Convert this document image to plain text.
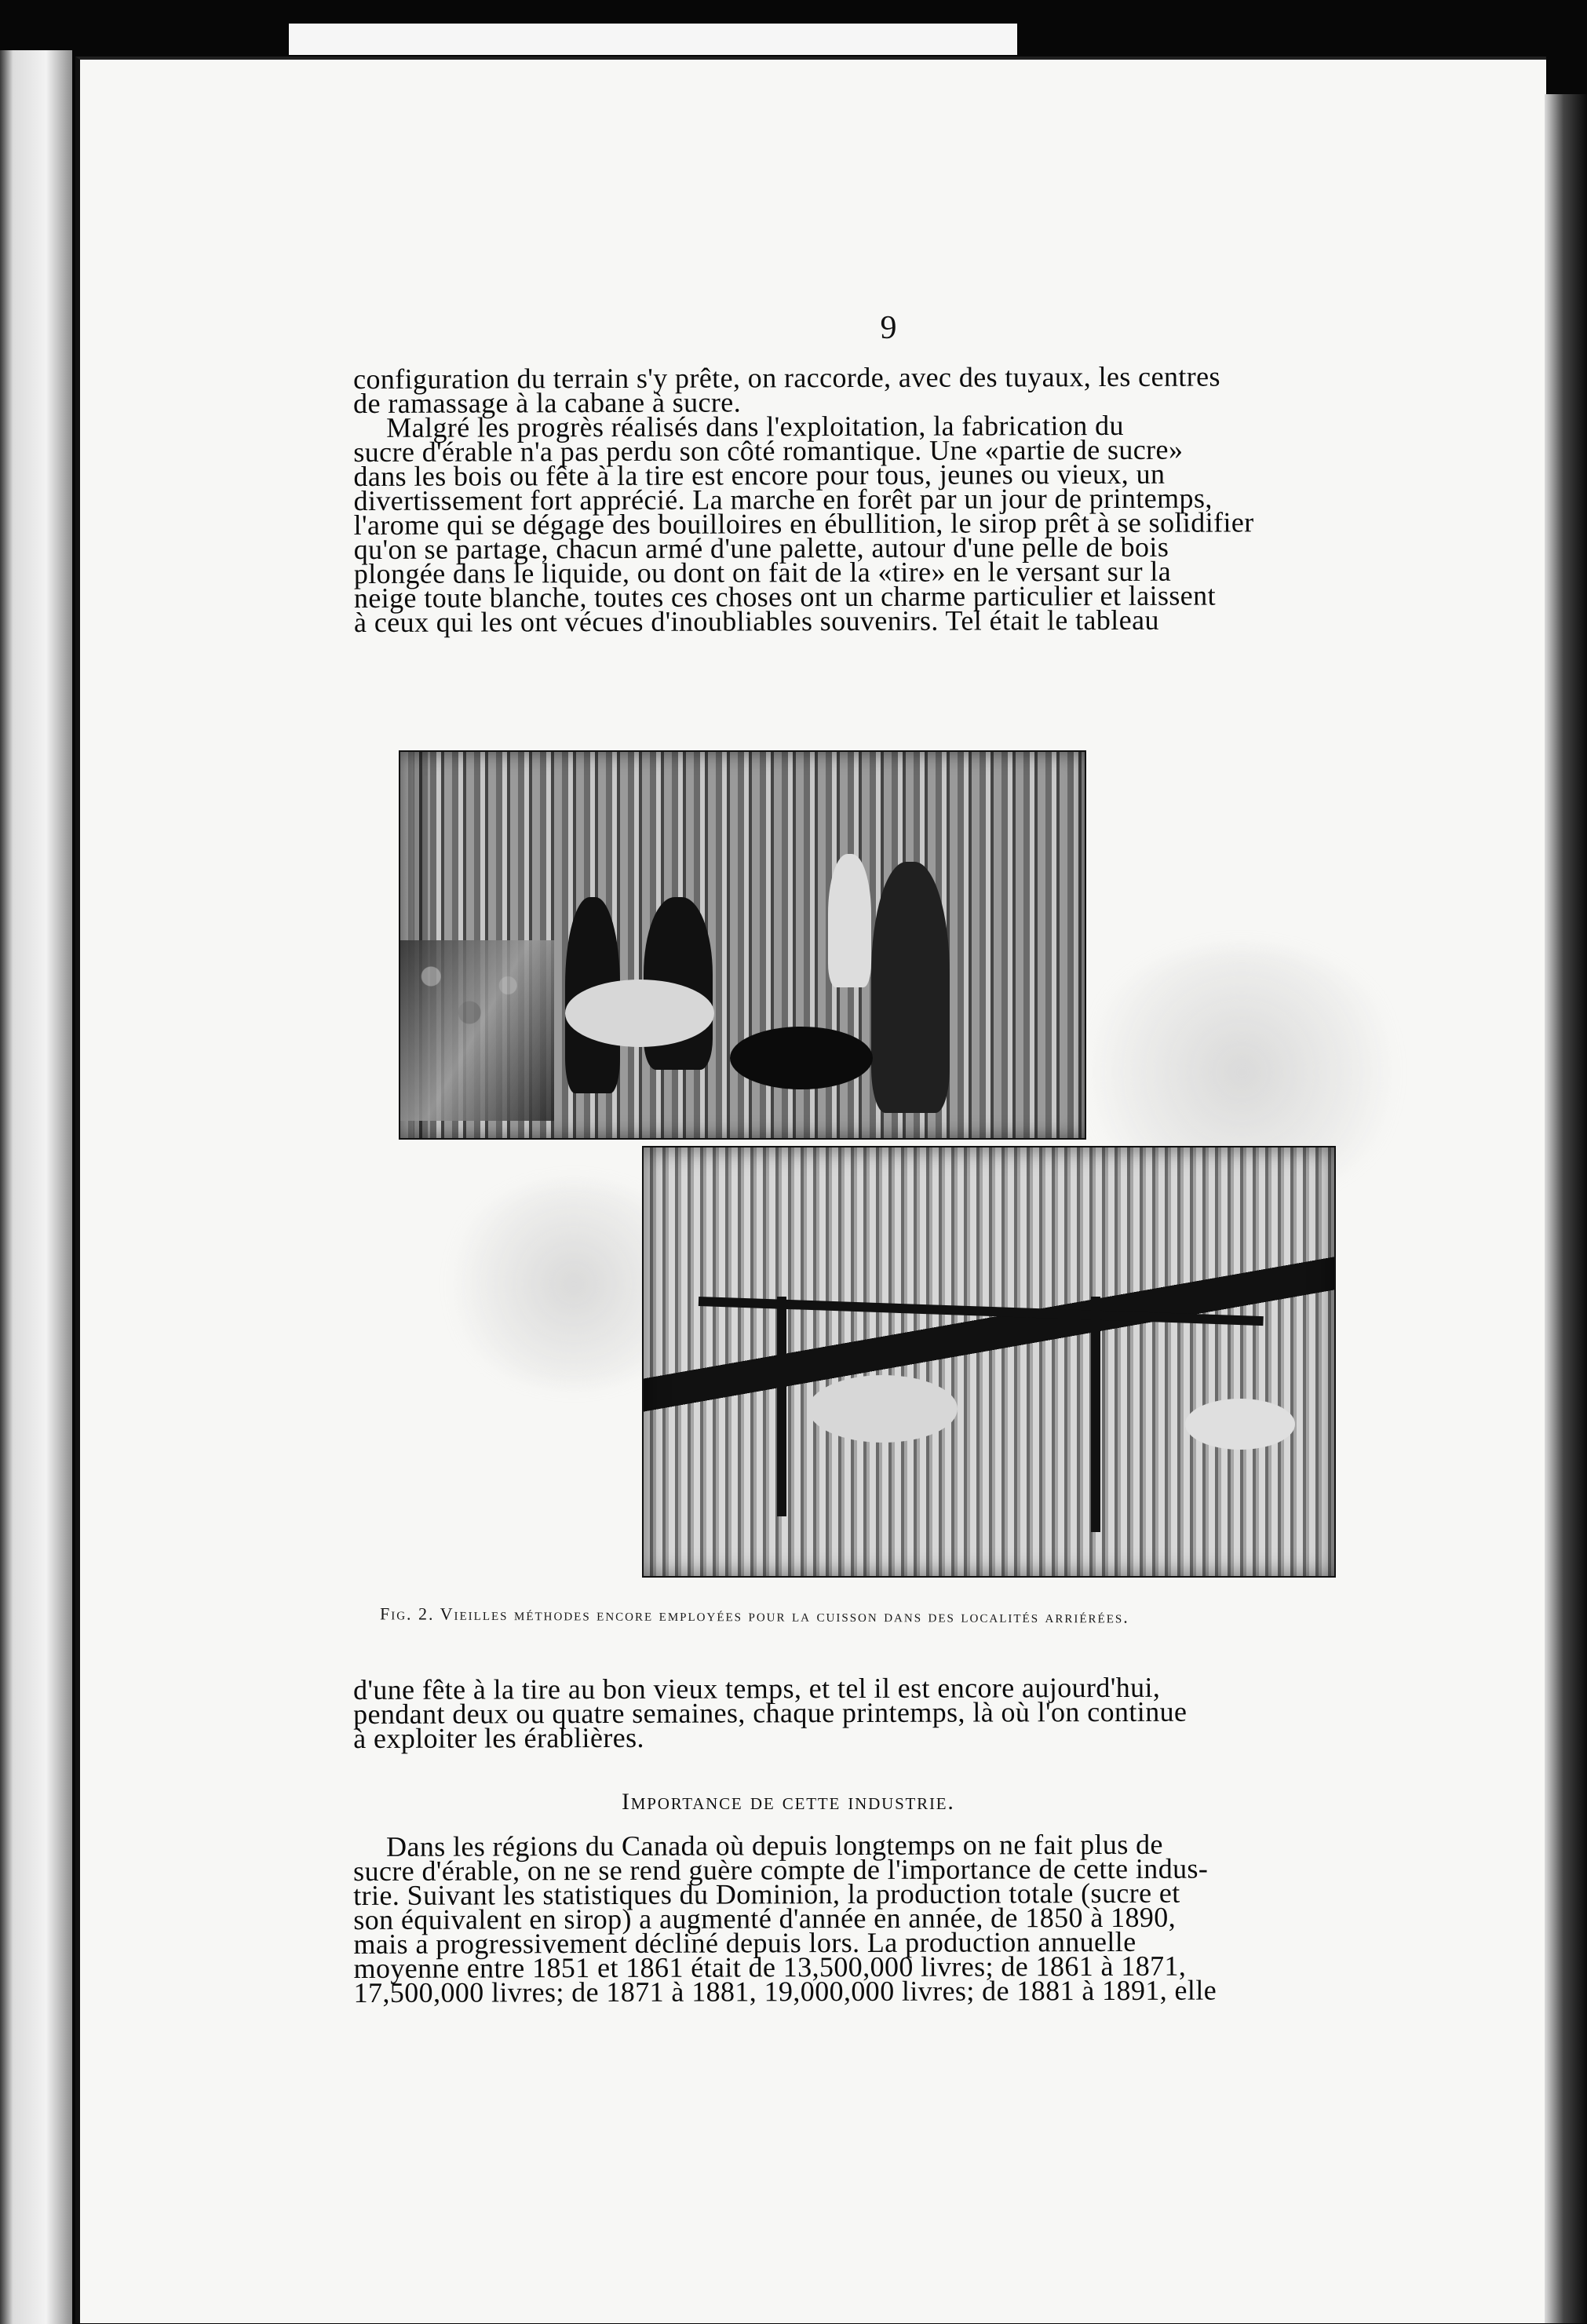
9
configuration du terrain s'y prête, on raccorde, avec des tuyaux, les centres
de ramassage à la cabane à sucre.
Malgré les progrès réalisés dans l'exploitation, la fabrication du
sucre d'érable n'a pas perdu son côté romantique. Une «partie de sucre»
dans les bois ou fête à la tire est encore pour tous, jeunes ou vieux, un
divertissement fort apprécié. La marche en forêt par un jour de printemps,
l'arome qui se dégage des bouilloires en ébullition, le sirop prêt à se solidifier
qu'on se partage, chacun armé d'une palette, autour d'une pelle de bois
plongée dans le liquide, ou dont on fait de la «tire» en le versant sur la
neige toute blanche, toutes ces choses ont un charme particulier et laissent
à ceux qui les ont vécues d'inoubliables souvenirs. Tel était le tableau
Fig. 2. Vieilles méthodes encore employées pour la cuisson dans des localités arriérées.
d'une fête à la tire au bon vieux temps, et tel il est encore aujourd'hui,
pendant deux ou quatre semaines, chaque printemps, là où l'on continue
à exploiter les érablières.
Importance de cette industrie.
Dans les régions du Canada où depuis longtemps on ne fait plus de
sucre d'érable, on ne se rend guère compte de l'importance de cette indus-
trie. Suivant les statistiques du Dominion, la production totale (sucre et
son équivalent en sirop) a augmenté d'année en année, de 1850 à 1890,
mais a progressivement décliné depuis lors. La production annuelle
moyenne entre 1851 et 1861 était de 13,500,000 livres; de 1861 à 1871,
17,500,000 livres; de 1871 à 1881, 19,000,000 livres; de 1881 à 1891, elle
